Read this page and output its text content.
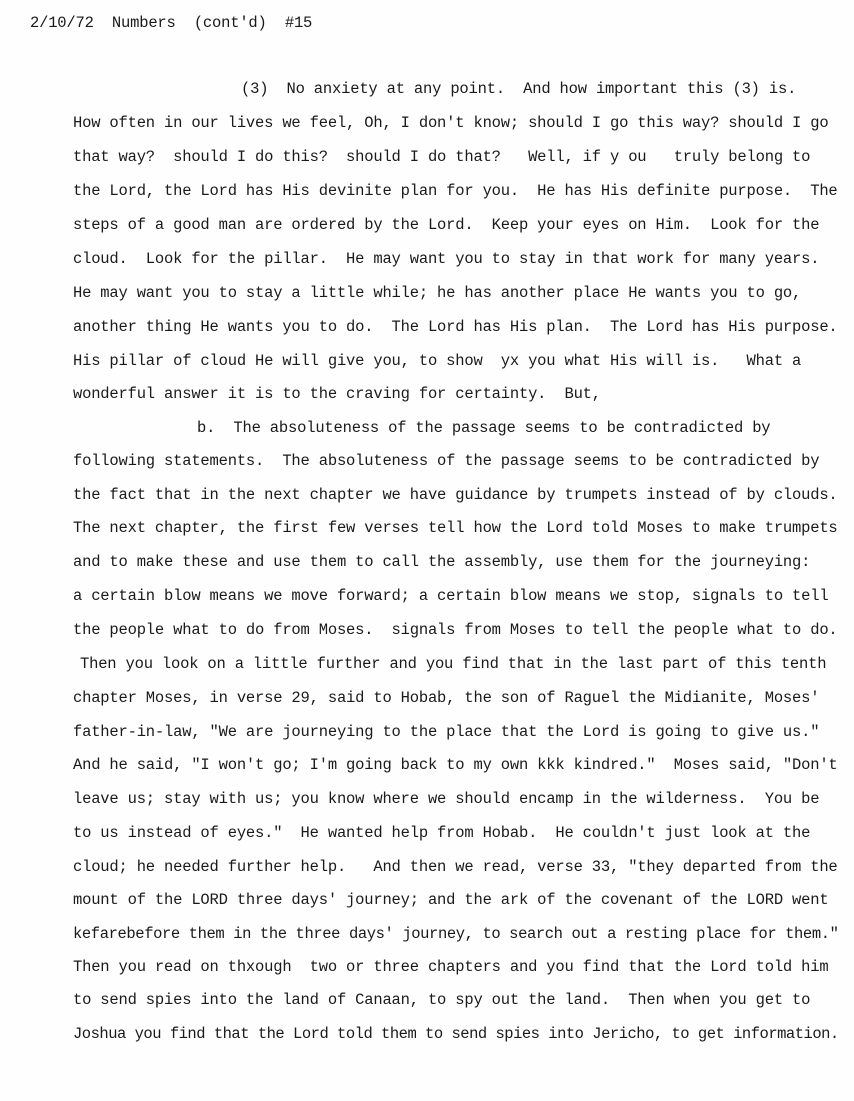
2/10/72  Numbers  (cont'd)  #15
(3)  No anxiety at any point.  And how important this (3) is.
How often in our lives we feel, Oh, I don't know; should I go this way? should I go
that way?  should I do this?  should I do that?   Well, if y ou   truly belong to
the Lord, the Lord has His devinite plan for you.  He has His definite purpose.  The
steps of a good man are ordered by the Lord.  Keep your eyes on Him.  Look for the
cloud.  Look for the pillar.  He may want you to stay in that work for many years.
He may want you to stay a little while; he has another place He wants you to go,
another thing He wants you to do.  The Lord has His plan.  The Lord has His purpose.
His pillar of cloud He will give you, to show  yx you what His will is.   What a
wonderful answer it is to the craving for certainty.  But,
b.  The absoluteness of the passage seems to be contradicted by
following statements.  The absoluteness of the passage seems to be contradicted by
the fact that in the next chapter we have guidance by trumpets instead of by clouds.
The next chapter, the first few verses tell how the Lord told Moses to make trumpets
and to make these and use them to call the assembly, use them for the journeying:
a certain blow means we move forward; a certain blow means we stop, signals to tell
the people what to do from Moses.  signals from Moses to tell the people what to do.
Then you look on a little further and you find that in the last part of this tenth
chapter Moses, in verse 29, said to Hobab, the son of Raguel the Midianite, Moses'
father-in-law, "We are journeying to the place that the Lord is going to give us."
And he said, "I won't go; I'm going back to my own kkk kindred."  Moses said, "Don't
leave us; stay with us; you know where we should encamp in the wilderness.  You be
to us instead of eyes."  He wanted help from Hobab.  He couldn't just look at the
cloud; he needed further help.   And then we read, verse 33, "they departed from the
mount of the LORD three days' journey; and the ark of the covenant of the LORD went
kefarebefore them in the three days' journey, to search out a resting place for them."
Then you read on thxough  two or three chapters and you find that the Lord told him
to send spies into the land of Canaan, to spy out the land.  Then when you get to
Joshua you find that the Lord told them to send spies into Jericho, to get information.
